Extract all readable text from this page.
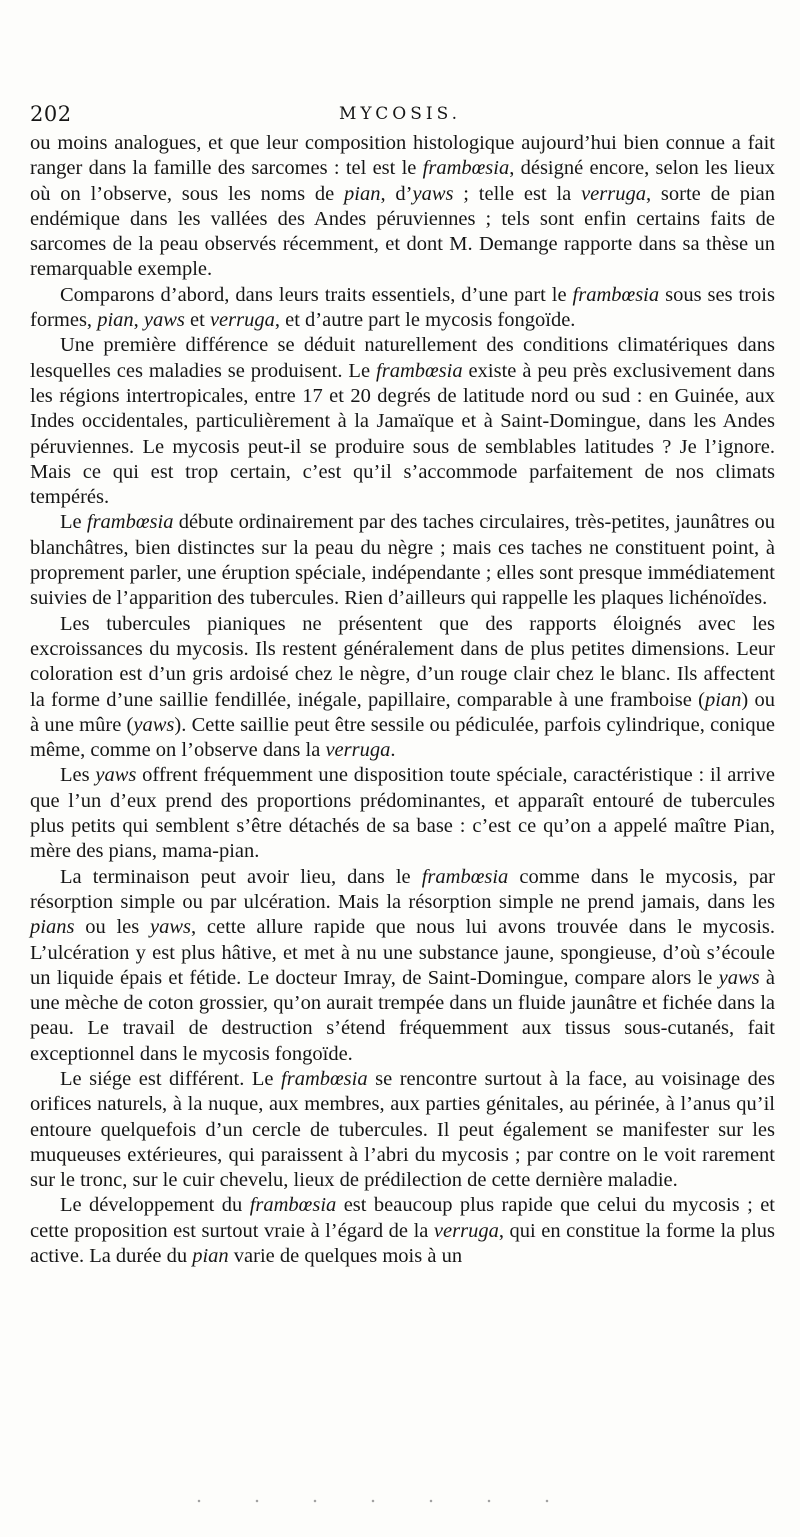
202	MYCOSIS.

ou moins analogues, et que leur composition histologique aujourd’hui bien connue a fait ranger dans la famille des sarcomes : tel est le frambœsia, désigné encore, selon les lieux où on l’observe, sous les noms de pian, d’yaws ; telle est la verruga, sorte de pian endémique dans les vallées des Andes péruviennes ; tels sont enfin certains faits de sarcomes de la peau observés récemment, et dont M. Demange rapporte dans sa thèse un remarquable exemple.

Comparons d’abord, dans leurs traits essentiels, d’une part le frambœsia sous ses trois formes, pian, yaws et verruga, et d’autre part le mycosis fongoïde.

Une première différence se déduit naturellement des conditions climatériques dans lesquelles ces maladies se produisent. Le frambœsia existe à peu près exclusivement dans les régions intertropicales, entre 17 et 20 degrés de latitude nord ou sud : en Guinée, aux Indes occidentales, particulièrement à la Jamaïque et à Saint-Domingue, dans les Andes péruviennes. Le mycosis peut-il se produire sous de semblables latitudes ? Je l’ignore. Mais ce qui est trop certain, c’est qu’il s’accommode parfaitement de nos climats tempérés.

Le frambœsia débute ordinairement par des taches circulaires, très-petites, jaunâtres ou blanchâtres, bien distinctes sur la peau du nègre ; mais ces taches ne constituent point, à proprement parler, une éruption spéciale, indépendante ; elles sont presque immédiatement suivies de l’apparition des tubercules. Rien d’ailleurs qui rappelle les plaques lichénoïdes.

Les tubercules pianiques ne présentent que des rapports éloignés avec les excroissances du mycosis. Ils restent généralement dans de plus petites dimensions. Leur coloration est d’un gris ardoisé chez le nègre, d’un rouge clair chez le blanc. Ils affectent la forme d’une saillie fendillée, inégale, papillaire, comparable à une framboise (pian) ou à une mûre (yaws). Cette saillie peut être sessile ou pédiculée, parfois cylindrique, conique même, comme on l’observe dans la verruga.

Les yaws offrent fréquemment une disposition toute spéciale, caractéristique : il arrive que l’un d’eux prend des proportions prédominantes, et apparaît entouré de tubercules plus petits qui semblent s’être détachés de sa base : c’est ce qu’on a appelé maître Pian, mère des pians, mama-pian.

La terminaison peut avoir lieu, dans le frambœsia comme dans le mycosis, par résorption simple ou par ulcération. Mais la résorption simple ne prend jamais, dans les pians ou les yaws, cette allure rapide que nous lui avons trouvée dans le mycosis. L’ulcération y est plus hâtive, et met à nu une substance jaune, spongieuse, d’où s’écoule un liquide épais et fétide. Le docteur Imray, de Saint-Domingue, compare alors le yaws à une mèche de coton grossier, qu’on aurait trempée dans un fluide jaunâtre et fichée dans la peau. Le travail de destruction s’étend fréquemment aux tissus sous-cutanés, fait exceptionnel dans le mycosis fongoïde.

Le siége est différent. Le frambœsia se rencontre surtout à la face, au voisinage des orifices naturels, à la nuque, aux membres, aux parties génitales, au périnée, à l’anus qu’il entoure quelquefois d’un cercle de tubercules. Il peut également se manifester sur les muqueuses extérieures, qui paraissent à l’abri du mycosis ; par contre on le voit rarement sur le tronc, sur le cuir chevelu, lieux de prédilection de cette dernière maladie.

Le développement du frambœsia est beaucoup plus rapide que celui du mycosis ; et cette proposition est surtout vraie à l’égard de la verruga, qui en constitue la forme la plus active. La durée du pian varie de quelques mois à un
